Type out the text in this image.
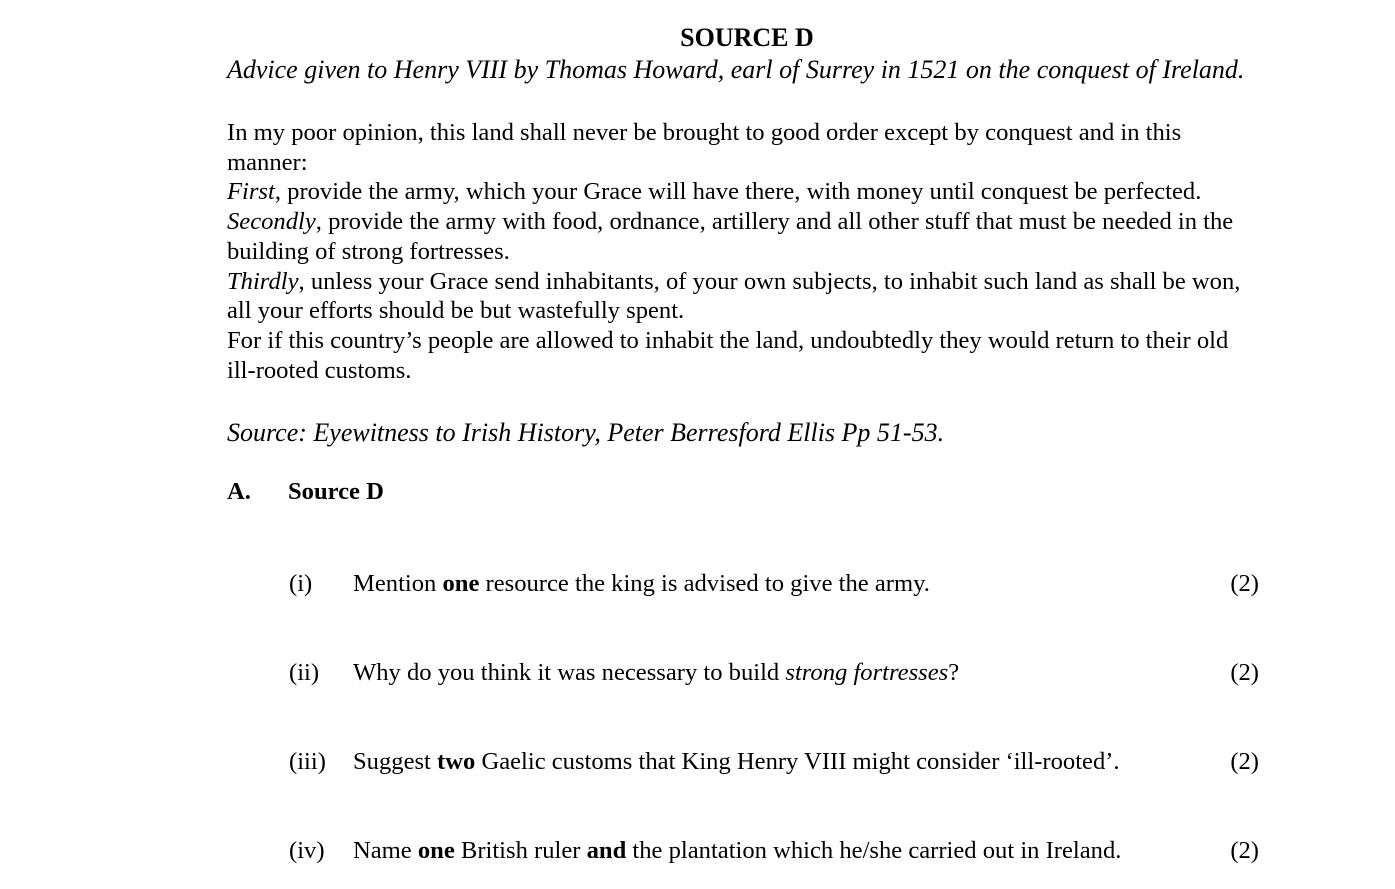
SOURCE D
Advice given to Henry VIII by Thomas Howard, earl of Surrey in 1521 on the conquest of Ireland.

In my poor opinion, this land shall never be brought to good order except by conquest and in this manner:

First, provide the army, which your Grace will have there, with money until conquest be perfected.

Secondly, provide the army with food, ordnance, artillery and all other stuff that must be needed in the building of strong fortresses.

Thirdly, unless your Grace send inhabitants, of your own subjects, to inhabit such land as shall be won, all your efforts should be but wastefully spent.

For if this country’s people are allowed to inhabit the land, undoubtedly they would return to their old ill-rooted customs.

Source: Eyewitness to Irish History, Peter Berresford Ellis Pp 51-53.
A.	Source D
(i)	Mention one resource the king is advised to give the army.	(2)
(ii)	Why do you think it was necessary to build strong fortresses?	(2)
(iii)	Suggest two Gaelic customs that King Henry VIII might consider ‘ill-rooted’.	(2)
(iv)	Name one British ruler and the plantation which he/she carried out in Ireland.	(2)
